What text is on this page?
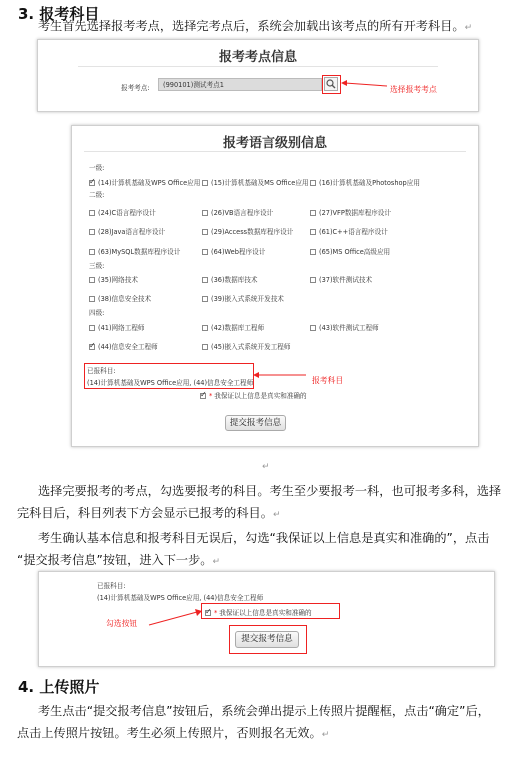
3. 报考科目
考生首先选择报考考点，选择完考点后，系统会加载出该考点的所有开考科目。↵
报考考点信息
报考考点:	(990101)测试考点1	选择报考考点
报考语言级别信息
一级:
✓(14)计算机基础及WPS Office应用	(15)计算机基础及MS Office应用	(16)计算机基础及Photoshop应用
二级:
(24)C语言程序设计	(26)VB语言程序设计	(27)VFP数据库程序设计
(28)Java语言程序设计	(29)Access数据库程序设计	(61)C++语言程序设计
(63)MySQL数据库程序设计	(64)Web程序设计	(65)MS Office高级应用
三级:
(35)网络技术	(36)数据库技术	(37)软件测试技术
(38)信息安全技术	(39)嵌入式系统开发技术
四级:
(41)网络工程师	(42)数据库工程师	(43)软件测试工程师
✓(44)信息安全工程师	(45)嵌入式系统开发工程师
已报科目:
(14)计算机基础及WPS Office应用, (44)信息安全工程师	报考科目
✓* 我保证以上信息是真实和准确的
提交报考信息
↵
选择完要报考的考点，勾选要报考的科目。考生至少要报考一科，也可报考多科，选择
完科目后，科目列表下方会显示已报考的科目。↵
考生确认基本信息和报考科目无误后，勾选“我保证以上信息是真实和准确的”，点击
“提交报考信息”按钮，进入下一步。↵
已报科目:
(14)计算机基础及WPS Office应用, (44)信息安全工程师
✓* 我保证以上信息是真实和准确的
勾选按钮
提交报考信息
4. 上传照片
考生点击“提交报考信息”按钮后，系统会弹出提示上传照片提醒框，点击“确定”后，
点击上传照片按钮。考生必须上传照片，否则报名无效。↵
